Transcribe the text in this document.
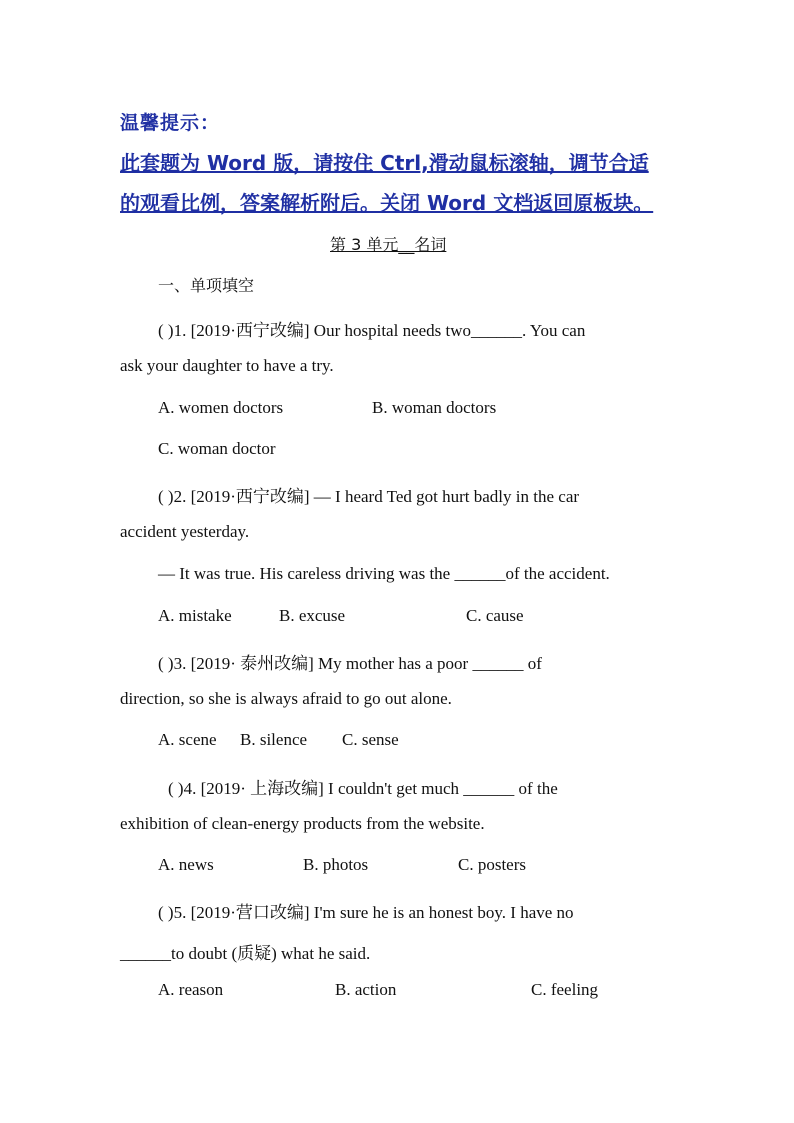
温馨提示：
此套题为 Word 版，请按住 Ctrl,滑动鼠标滚轴，调节合适
的观看比例，答案解析附后。关闭 Word 文档返回原板块。
第 3 单元__名词
一、单项填空
( )1. [2019·西宁改编] Our hospital needs two______. You can
ask your daughter to have a try.
A. women doctors	B. woman doctors
C. woman doctor
( )2. [2019·西宁改编] — I heard Ted got hurt badly in the car
accident yesterday.
— It was true. His careless driving was the ______of the accident.
A. mistake	B. excuse	C. cause
( )3. [2019· 泰州改编] My mother has a poor ______ of
direction, so she is always afraid to go out alone.
A. scene B. silence C. sense
( )4. [2019· 上海改编] I couldn't get much ______ of the
exhibition of clean-energy products from the website.
A. news	B. photos	C. posters
( )5. [2019·营口改编] I'm sure he is an honest boy. I have no
______to doubt (质疑) what he said.
A. reason	B. action	C. feeling
